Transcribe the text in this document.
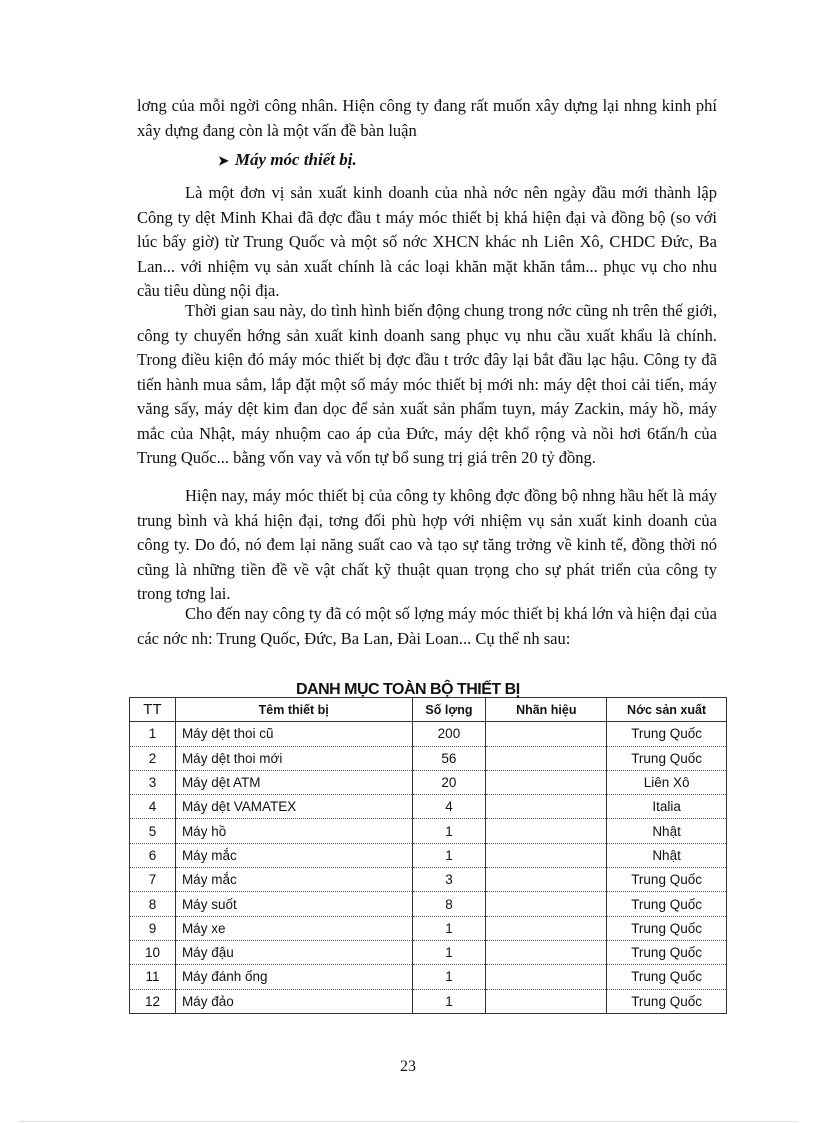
lơng của mỗi ngời công nhân. Hiện công ty đang rất muốn xây dựng lại nhng kinh phí xây dựng đang còn là một vấn đề bàn luận

➤ Máy móc thiết bị.

Là một đơn vị sản xuất kinh doanh của nhà nớc nên ngày đầu mới thành lập Công ty dệt Minh Khai đã đợc đầu t máy móc thiết bị khá hiện đại và đồng bộ (so với lúc bấy giờ) từ Trung Quốc và một số nớc XHCN khác nh Liên Xô, CHDC Đức, Ba Lan... với nhiệm vụ sản xuất chính là các loại khăn mặt khăn tắm... phục vụ cho nhu cầu tiêu dùng nội địa.

Thời gian sau này, do tình hình biến động chung trong nớc cũng nh trên thế giới, công ty chuyển hớng sản xuất kinh doanh sang phục vụ nhu cầu xuất khẩu là chính. Trong điều kiện đó máy móc thiết bị đợc đầu t trớc đây lại bắt đầu lạc hậu. Công ty đã tiến hành mua sắm, lắp đặt một số máy móc thiết bị mới nh: máy dệt thoi cải tiến, máy văng sấy, máy dệt kim đan dọc để sản xuất sản phẩm tuyn, máy Zackin, máy hồ, máy mắc của Nhật, máy nhuộm cao áp của Đức, máy dệt khổ rộng và nồi hơi 6tấn/h của Trung Quốc... bằng vốn vay và vốn tự bổ sung trị giá trên 20 tỷ đồng.

Hiện nay, máy móc thiết bị của công ty không đợc đồng bộ nhng hầu hết là máy trung bình và khá hiện đại, tơng đối phù hợp với nhiệm vụ sản xuất kinh doanh của công ty. Do đó, nó đem lại năng suất cao và tạo sự tăng trởng về kinh tế, đồng thời nó cũng là những tiền đề về vật chất kỹ thuật quan trọng cho sự phát triển của công ty trong tơng lai.

Cho đến nay công ty đã có một số lợng máy móc thiết bị khá lớn và hiện đại của các nớc nh: Trung Quốc, Đức, Ba Lan, Đài Loan... Cụ thể nh sau:

DANH MỤC TOÀN BỘ THIẾT BỊ
TT	Têm thiết bị	Số lợng	Nhãn hiệu	Nớc sản xuất
1	Máy dệt thoi cũ	200		Trung Quốc
2	Máy dệt thoi mới	56		Trung Quốc
3	Máy dệt ATM	20		Liên Xô
4	Máy dệt VAMATEX	4		Italia
5	Máy hồ	1		Nhật
6	Máy mắc	1		Nhật
7	Máy mắc	3		Trung Quốc
8	Máy suốt	8		Trung Quốc
9	Máy xe	1		Trung Quốc
10	Máy đậu	1		Trung Quốc
11	Máy đánh ống	1		Trung Quốc
12	Máy đảo	1		Trung Quốc
23
